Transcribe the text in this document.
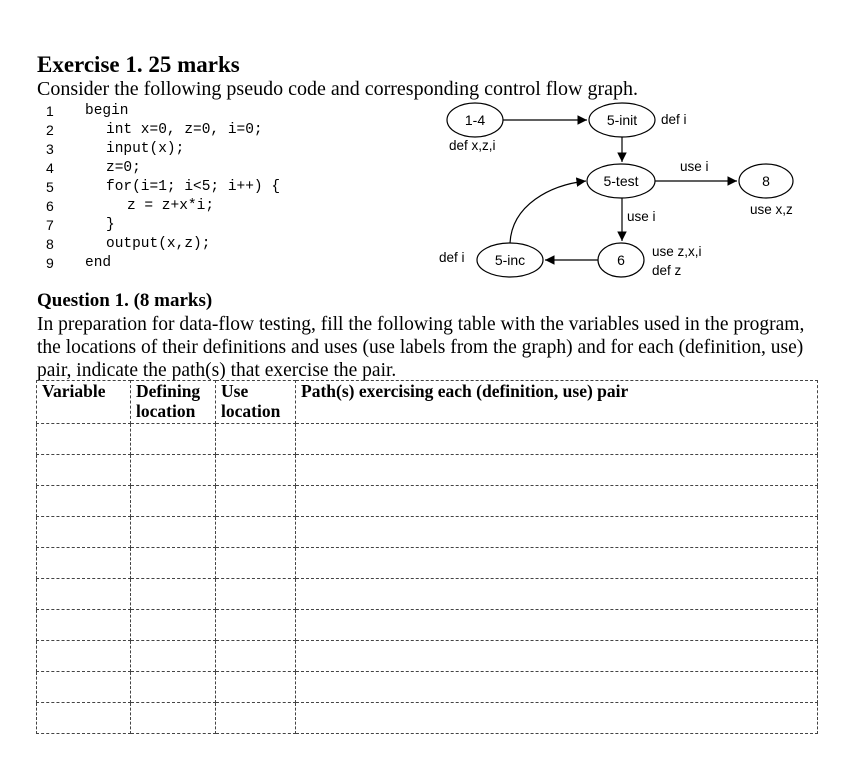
Exercise 1. 25 marks
Consider the following pseudo code and corresponding control flow graph.
1	begin
2	int x=0, z=0, i=0;
3	input(x);
4	z=0;
5	for(i=1; i<5; i++) {
6	z = z+x*i;
7	}
8	output(x,z);
9	end
1-4	5-init
5-test	8
6
5-inc
def x,z,i
def i
use i
use x,z
use i
def i	use z,x,i
def z
Question 1. (8 marks)
In preparation for data-flow testing, fill the following table with the variables used in the program, the locations of their definitions and uses (use labels from the graph) and for each (definition, use) pair, indicate the path(s) that exercise the pair.
Variable	Defining location	Use location	Path(s) exercising each (definition, use) pair
